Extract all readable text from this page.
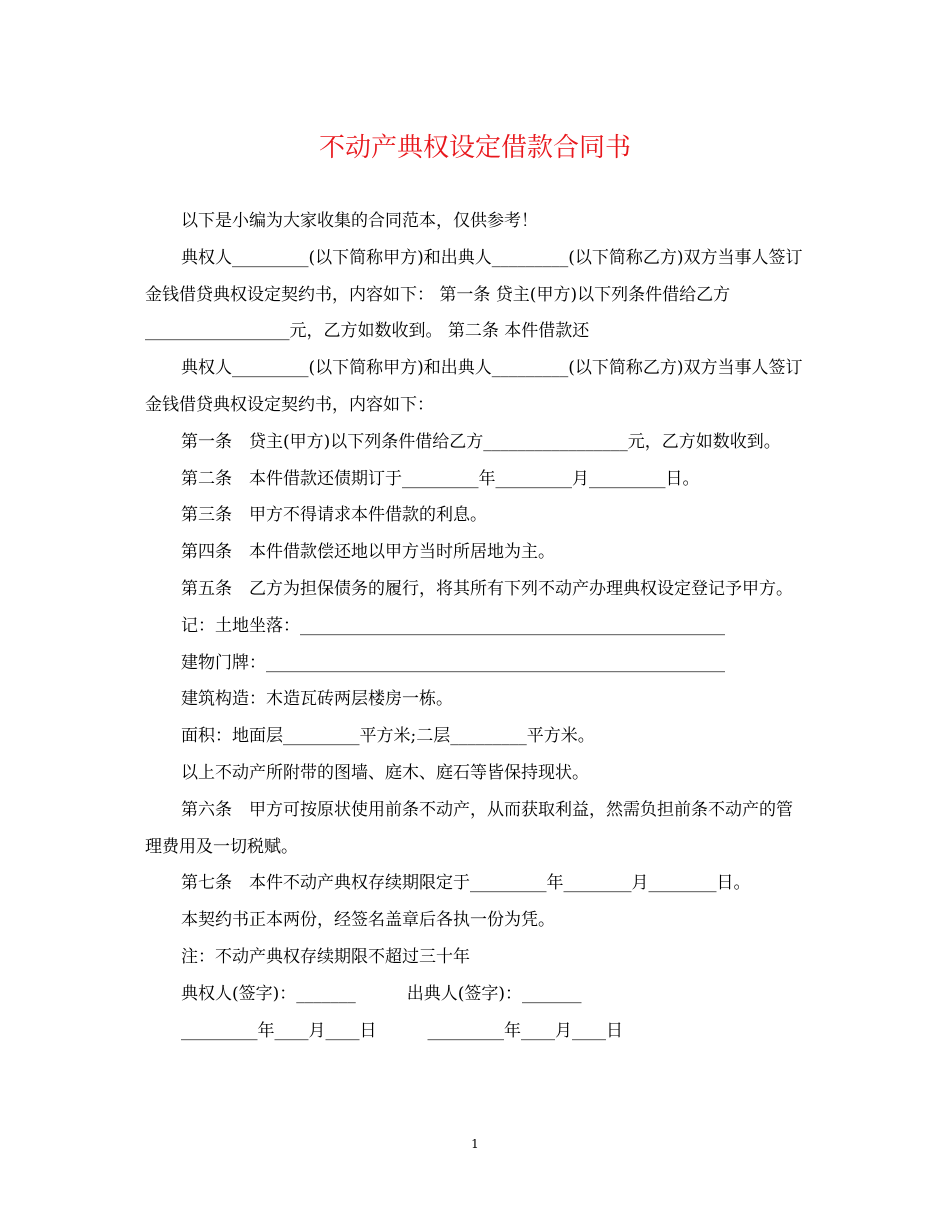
不动产典权设定借款合同书

以下是小编为大家收集的合同范本，仅供参考！

典权人_________(以下简称甲方)和出典人_________(以下简称乙方)双方当事人签订金钱借贷典权设定契约书，内容如下： 第一条 贷主(甲方)以下列条件借给乙方_________________元，乙方如数收到。 第二条 本件借款还

典权人_________(以下简称甲方)和出典人_________(以下简称乙方)双方当事人签订金钱借贷典权设定契约书，内容如下：

第一条　贷主(甲方)以下列条件借给乙方_________________元，乙方如数收到。

第二条　本件借款还债期订于_________年_________月_________日。

第三条　甲方不得请求本件借款的利息。

第四条　本件借款偿还地以甲方当时所居地为主。

第五条　乙方为担保债务的履行，将其所有下列不动产办理典权设定登记予甲方。

记：土地坐落：__________________________________________________

建物门牌：______________________________________________________

建筑构造：木造瓦砖两层楼房一栋。

面积：地面层_________平方米;二层_________平方米。

以上不动产所附带的图墙、庭木、庭石等皆保持现状。

第六条　甲方可按原状使用前条不动产，从而获取利益，然需负担前条不动产的管理费用及一切税赋。

第七条　本件不动产典权存续期限定于_________年________月________日。

本契约书正本两份，经签名盖章后各执一份为凭。

注：不动产典权存续期限不超过三十年

典权人(签字)：_______　　　出典人(签字)：_______

_________年____月____日　　　_________年____月____日

1
